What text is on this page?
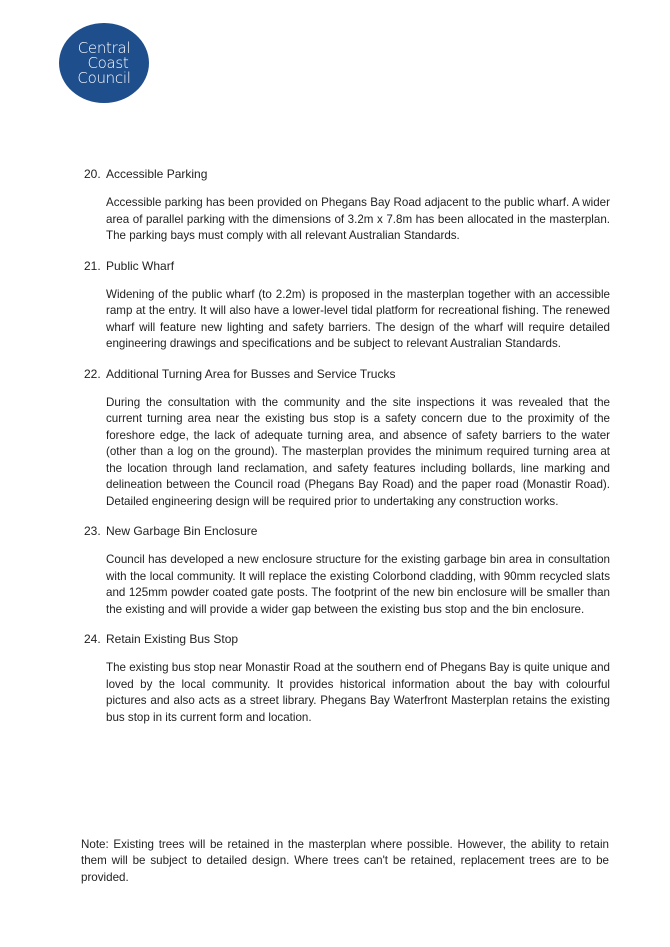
Central
Coast
Council
20. Accessible Parking

Accessible parking has been provided on Phegans Bay Road adjacent to the public wharf. A wider area of parallel parking with the dimensions of 3.2m x 7.8m has been allocated in the masterplan. The parking bays must comply with all relevant Australian Standards.

21. Public Wharf

Widening of the public wharf (to 2.2m) is proposed in the masterplan together with an accessible ramp at the entry. It will also have a lower-level tidal platform for recreational fishing. The renewed wharf will feature new lighting and safety barriers. The design of the wharf will require detailed engineering drawings and specifications and be subject to relevant Australian Standards.

22. Additional Turning Area for Busses and Service Trucks

During the consultation with the community and the site inspections it was revealed that the current turning area near the existing bus stop is a safety concern due to the proximity of the foreshore edge, the lack of adequate turning area, and absence of safety barriers to the water (other than a log on the ground). The masterplan provides the minimum required turning area at the location through land reclamation, and safety features including bollards, line marking and delineation between the Council road (Phegans Bay Road) and the paper road (Monastir Road). Detailed engineering design will be required prior to undertaking any construction works.

23. New Garbage Bin Enclosure

Council has developed a new enclosure structure for the existing garbage bin area in consultation with the local community. It will replace the existing Colorbond cladding, with 90mm recycled slats and 125mm powder coated gate posts. The footprint of the new bin enclosure will be smaller than the existing and will provide a wider gap between the existing bus stop and the bin enclosure.

24. Retain Existing Bus Stop

The existing bus stop near Monastir Road at the southern end of Phegans Bay is quite unique and loved by the local community. It provides historical information about the bay with colourful pictures and also acts as a street library. Phegans Bay Waterfront Masterplan retains the existing bus stop in its current form and location.

Note: Existing trees will be retained in the masterplan where possible. However, the ability to retain them will be subject to detailed design. Where trees can't be retained, replacement trees are to be provided.
